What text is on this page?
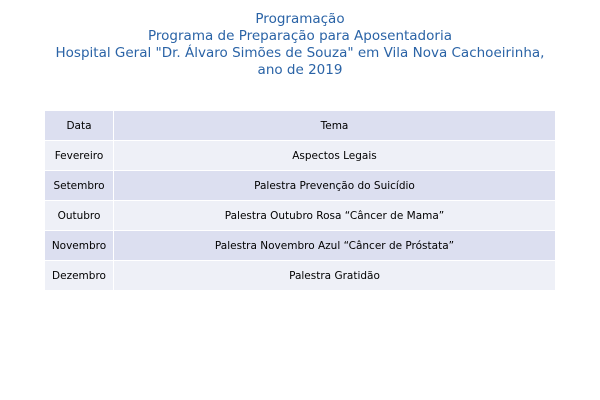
Programação
Programa de Preparação para Aposentadoria
Hospital Geral "Dr. Álvaro Simões de Souza" em Vila Nova Cachoeirinha,
ano de 2019
Data	Tema
Fevereiro	Aspectos Legais
Setembro	Palestra Prevenção do Suicídio
Outubro	Palestra Outubro Rosa “Câncer de Mama”
Novembro	Palestra Novembro Azul “Câncer de Próstata”
Dezembro	Palestra Gratidão
